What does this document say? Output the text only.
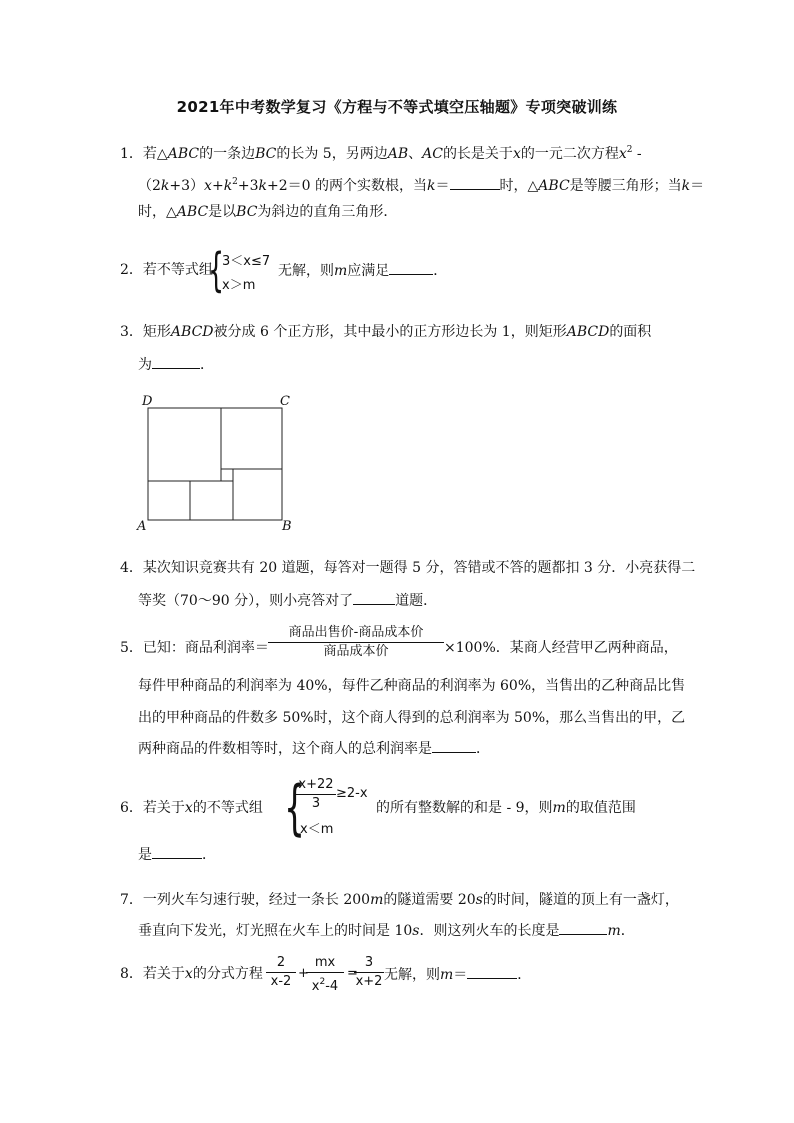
2021年中考数学复习《方程与不等式填空压轴题》专项突破训练
1．若△ABC的一条边BC的长为 5，另两边AB、AC的长是关于x的一元二次方程$x^2$ -
$(2k+3)x+k^2+3k+2=0$ 的两个实数根，当k＝	时，△ABC是等腰三角形；当k＝
时，△ABC是以BC为斜边的直角三角形．
2．若不等式组
{
3＜x≤7
x＞m
无解，则m应满足	．
3．矩形ABCD被分成 6 个正方形，其中最小的正方形边长为 1，则矩形ABCD的面积
为	．
D	C
A	B
4．某次知识竞赛共有 20 道题，每答对一题得 5 分，答错或不答的题都扣 3 分．小亮获得二
等奖（70～90 分），则小亮答对了	道题．
5．已知：商品利润率＝
商品出售价-商品成本价
商品成本价	×100%．某商人经营甲乙两种商品，
每件甲种商品的利润率为 40%，每件乙种商品的利润率为 60%，当售出的乙种商品比售
出的甲种商品的件数多 50%时，这个商人得到的总利润率为 50%，那么当售出的甲，乙
两种商品的件数相等时，这个商人的总利润率是	．
6．若关于x的不等式组 {
$\frac{x+22}{3} \ge 2-x$
x＜m
的所有整数解的和是 - 9，则m的取值范围
是	．
7．一列火车匀速行驶，经过一条长 200m的隧道需要 20s的时间，隧道的顶上有一盏灯，
垂直向下发光，灯光照在火车上的时间是 10s．则这列火车的长度是	m．
8．若关于x的分式方程 $\frac{2}{x-2}$ +
$\frac{mx}{x^2-4}$ =
$\frac{3}{x+2}$ 无解，则m＝	．
